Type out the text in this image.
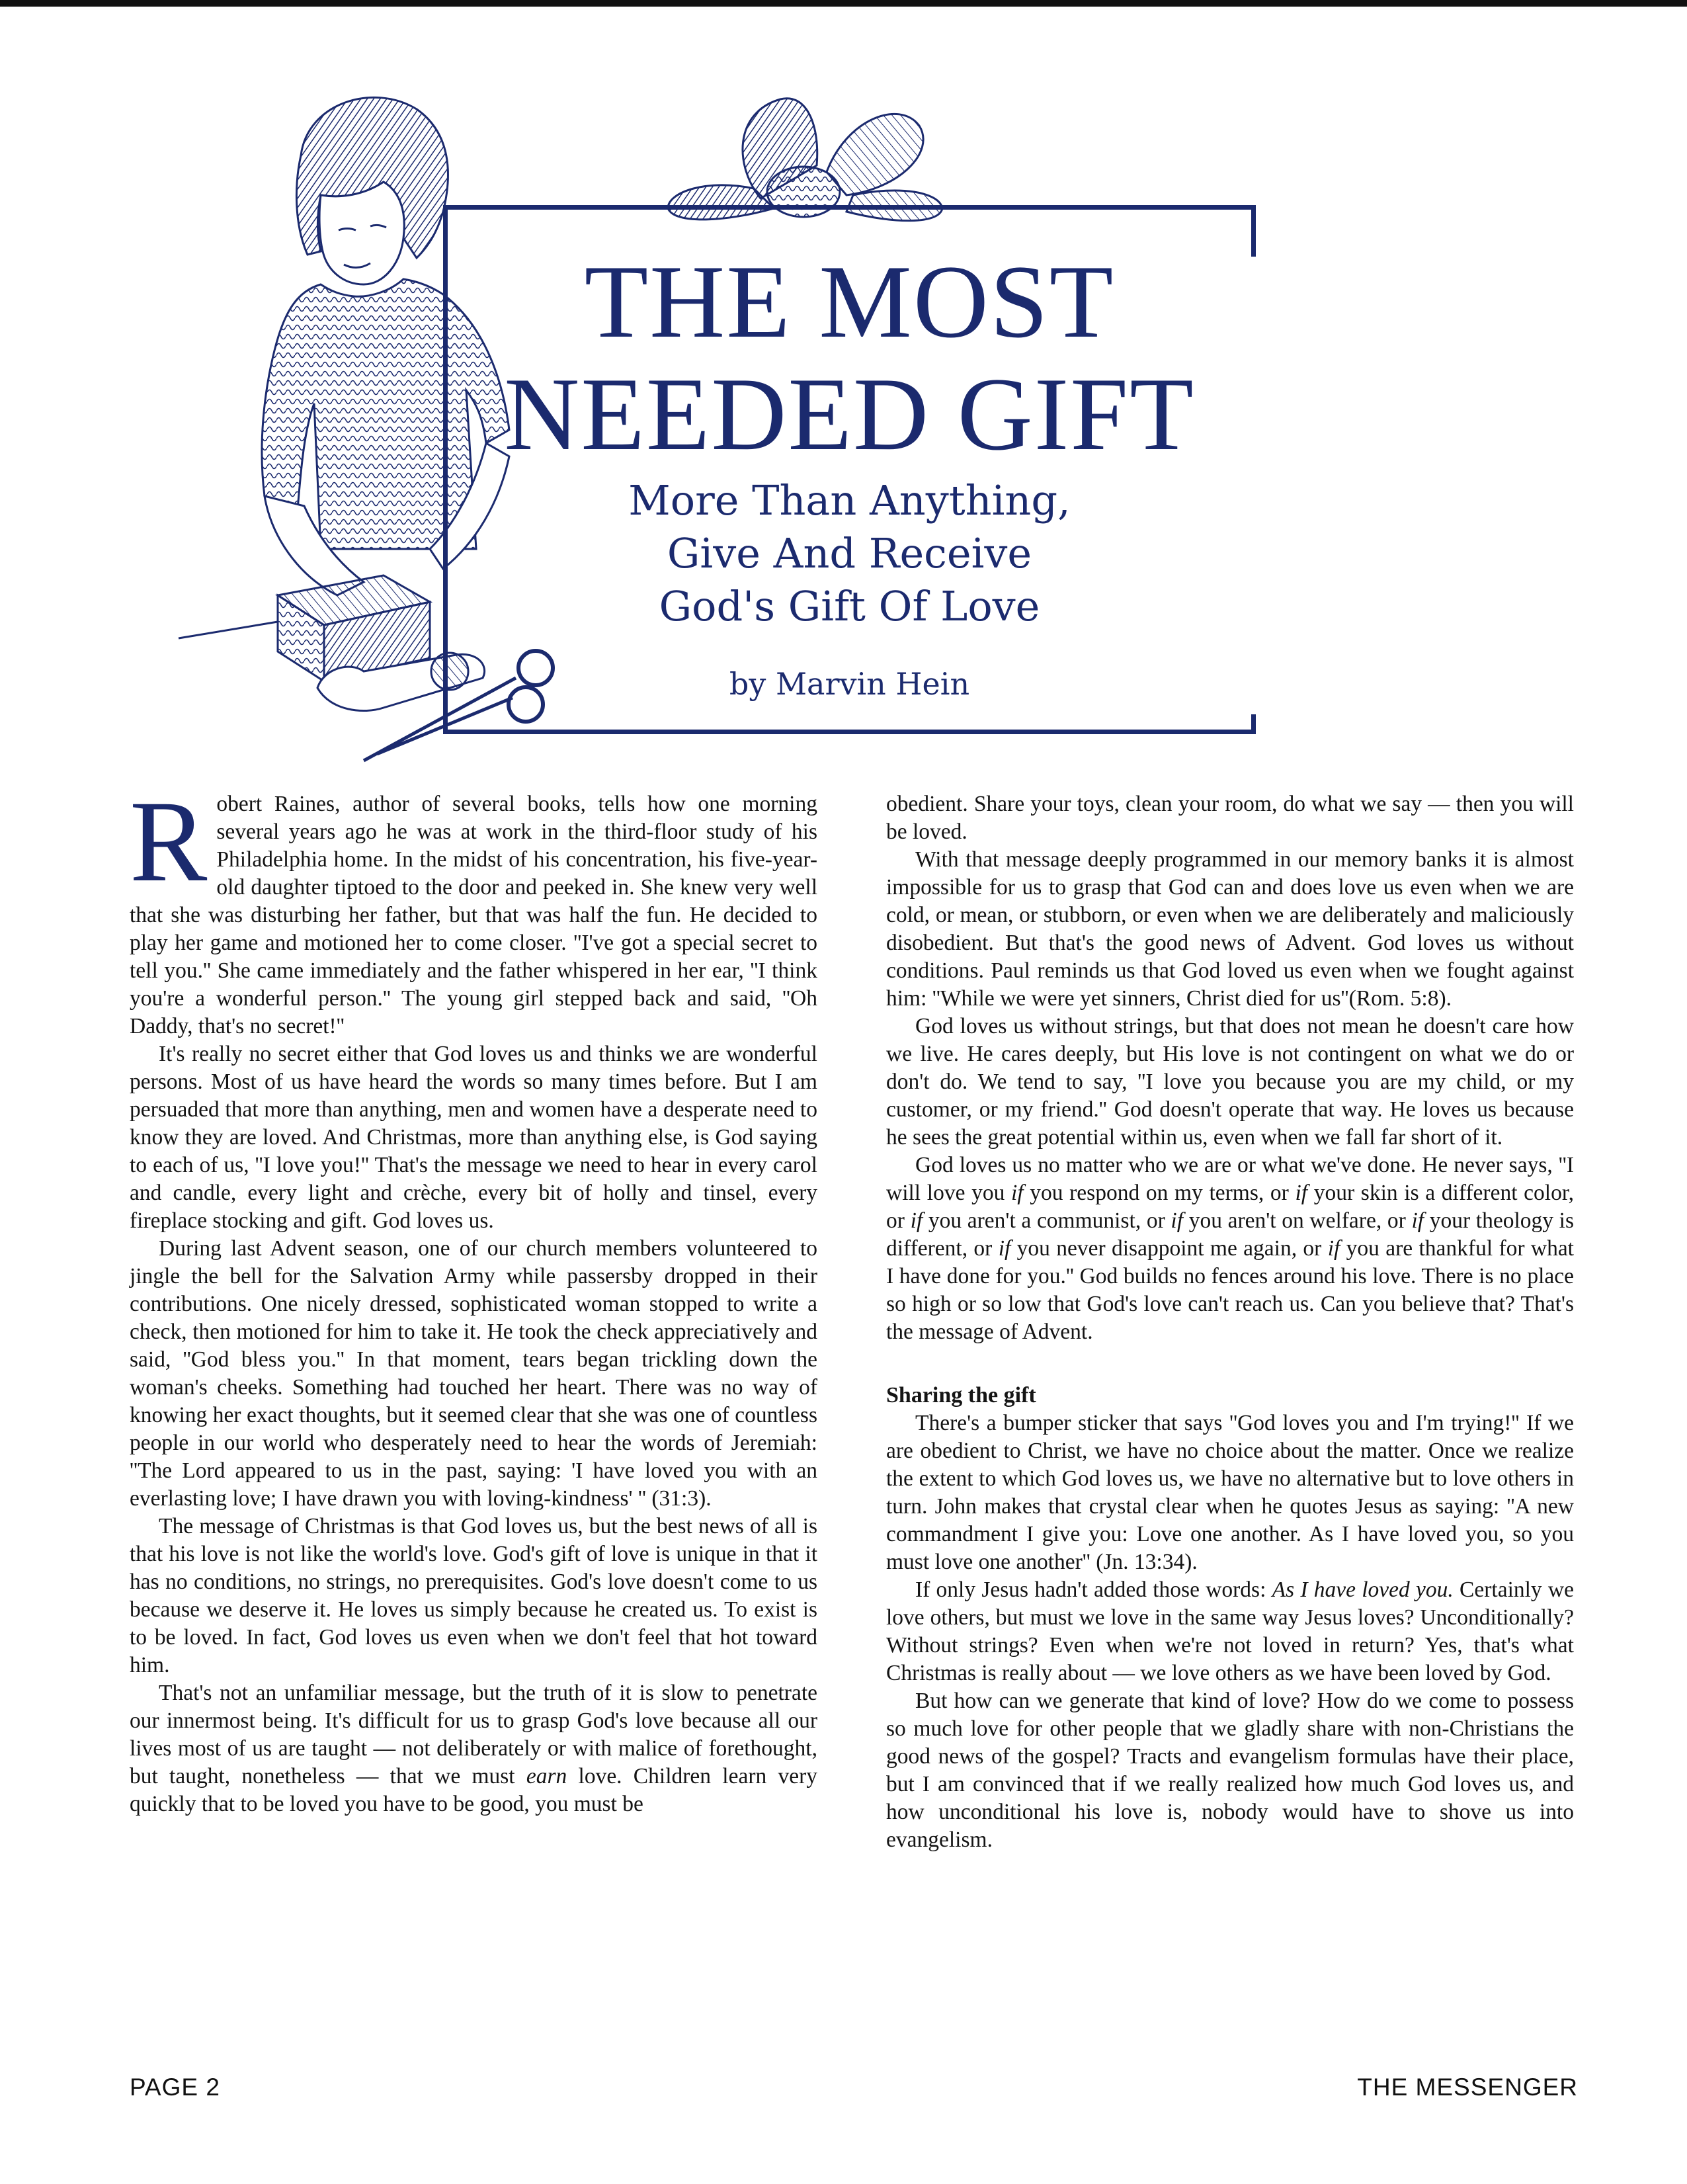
THE MOST
NEEDED GIFT
More Than Anything,
Give And Receive
God's Gift Of Love
by Marvin Hein

Robert Raines, author of several books, tells how one morning several years ago he was at work in the third-floor study of his Philadelphia home. In the midst of his concentration, his five-year-old daughter tiptoed to the door and peeked in. She knew very well that she was disturbing her father, but that was half the fun. He decided to play her game and motioned her to come closer. ''I've got a special secret to tell you.'' She came immediately and the father whispered in her ear, ''I think you're a wonderful person.'' The young girl stepped back and said, ''Oh Daddy, that's no secret!''

It's really no secret either that God loves us and thinks we are wonderful persons. Most of us have heard the words so many times before. But I am persuaded that more than anything, men and women have a desperate need to know they are loved. And Christmas, more than anything else, is God saying to each of us, ''I love you!'' That's the message we need to hear in every carol and candle, every light and crèche, every bit of holly and tinsel, every fireplace stocking and gift. God loves us.

During last Advent season, one of our church members volunteered to jingle the bell for the Salvation Army while passersby dropped in their contributions. One nicely dressed, sophisticated woman stopped to write a check, then motioned for him to take it. He took the check appreciatively and said, ''God bless you.'' In that moment, tears began trickling down the woman's cheeks. Something had touched her heart. There was no way of knowing her exact thoughts, but it seemed clear that she was one of countless people in our world who desperately need to hear the words of Jeremiah: ''The Lord appeared to us in the past, saying: 'I have loved you with an everlasting love; I have drawn you with loving-kindness' '' (31:3).

The message of Christmas is that God loves us, but the best news of all is that his love is not like the world's love. God's gift of love is unique in that it has no conditions, no strings, no prerequisites. God's love doesn't come to us because we deserve it. He loves us simply because he created us. To exist is to be loved. In fact, God loves us even when we don't feel that hot toward him.

That's not an unfamiliar message, but the truth of it is slow to penetrate our innermost being. It's difficult for us to grasp God's love because all our lives most of us are taught — not deliberately or with malice of forethought, but taught, nonetheless — that we must earn love. Children learn very quickly that to be loved you have to be good, you must be

obedient. Share your toys, clean your room, do what we say — then you will be loved.

With that message deeply programmed in our memory banks it is almost impossible for us to grasp that God can and does love us even when we are cold, or mean, or stubborn, or even when we are deliberately and maliciously disobedient. But that's the good news of Advent. God loves us without conditions. Paul reminds us that God loved us even when we fought against him: ''While we were yet sinners, Christ died for us''(Rom. 5:8).

God loves us without strings, but that does not mean he doesn't care how we live. He cares deeply, but His love is not contingent on what we do or don't do. We tend to say, ''I love you because you are my child, or my customer, or my friend.'' God doesn't operate that way. He loves us because he sees the great potential within us, even when we fall far short of it.

God loves us no matter who we are or what we've done. He never says, ''I will love you if you respond on my terms, or if your skin is a different color, or if you aren't a communist, or if you aren't on welfare, or if your theology is different, or if you never disappoint me again, or if you are thankful for what I have done for you.'' God builds no fences around his love. There is no place so high or so low that God's love can't reach us. Can you believe that? That's the message of Advent.

Sharing the gift

There's a bumper sticker that says ''God loves you and I'm trying!'' If we are obedient to Christ, we have no choice about the matter. Once we realize the extent to which God loves us, we have no alternative but to love others in turn. John makes that crystal clear when he quotes Jesus as saying: ''A new commandment I give you: Love one another. As I have loved you, so you must love one another'' (Jn. 13:34).

If only Jesus hadn't added those words: As I have loved you. Certainly we love others, but must we love in the same way Jesus loves? Unconditionally? Without strings? Even when we're not loved in return? Yes, that's what Christmas is really about — we love others as we have been loved by God.

But how can we generate that kind of love? How do we come to possess so much love for other people that we gladly share with non-Christians the good news of the gospel? Tracts and evangelism formulas have their place, but I am convinced that if we really realized how much God loves us, and how unconditional his love is, nobody would have to shove us into evangelism.

PAGE 2	THE MESSENGER
